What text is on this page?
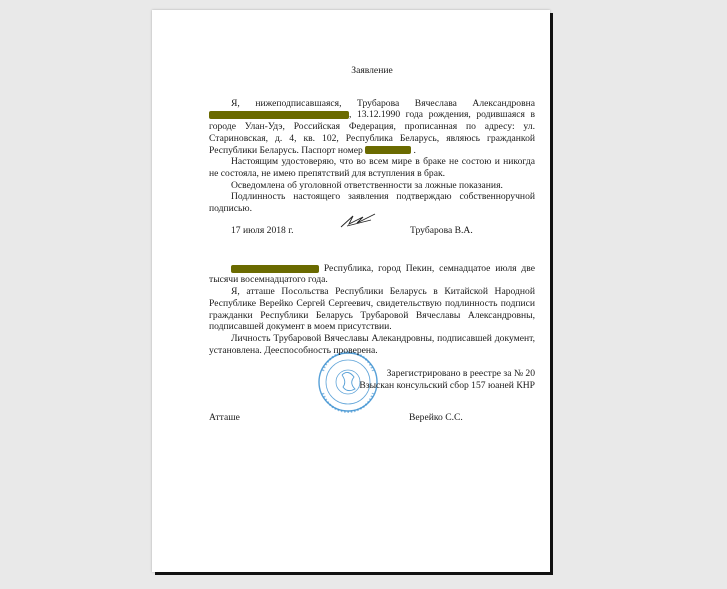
Заявление

Я, нижеподписавшаяся, Трубарова Вячеслава Александровна , 13.12.1990 года рождения, родившаяся в городе Улан-Удэ, Российская Федерация, прописанная по адресу: ул. Стариновская, д. 4, кв. 102, Республика Беларусь, являюсь гражданкой Республики Беларусь. Паспорт номер	.

Настоящим удостоверяю, что во всем мире в браке не состою и никогда не состояла, не имею препятствий для вступления в брак.

Осведомлена об уголовной ответственности за ложные показания.

Подлинность настоящего заявления подтверждаю собственноручной подписью.

17 июля 2018 г.	Трубарова В.А.

Республика, город Пекин, семнадцатое июля две тысячи восемнадцатого года.

Я, атташе Посольства Республики Беларусь в Китайской Народной Республике Верейко Сергей Сергеевич, свидетельствую подлинность подписи гражданки Республики Беларусь Трубаровой Вячеславы Александровны, подписавшей документ в моем присутствии.

Личность Трубаровой Вячеславы Алекандровны, подписавшей документ, установлена. Дееспособность проверена.

Зарегистрировано в реестре за № 20
Взыскан консульский сбор 157 юаней КНР
Атташе	Верейко С.С.
